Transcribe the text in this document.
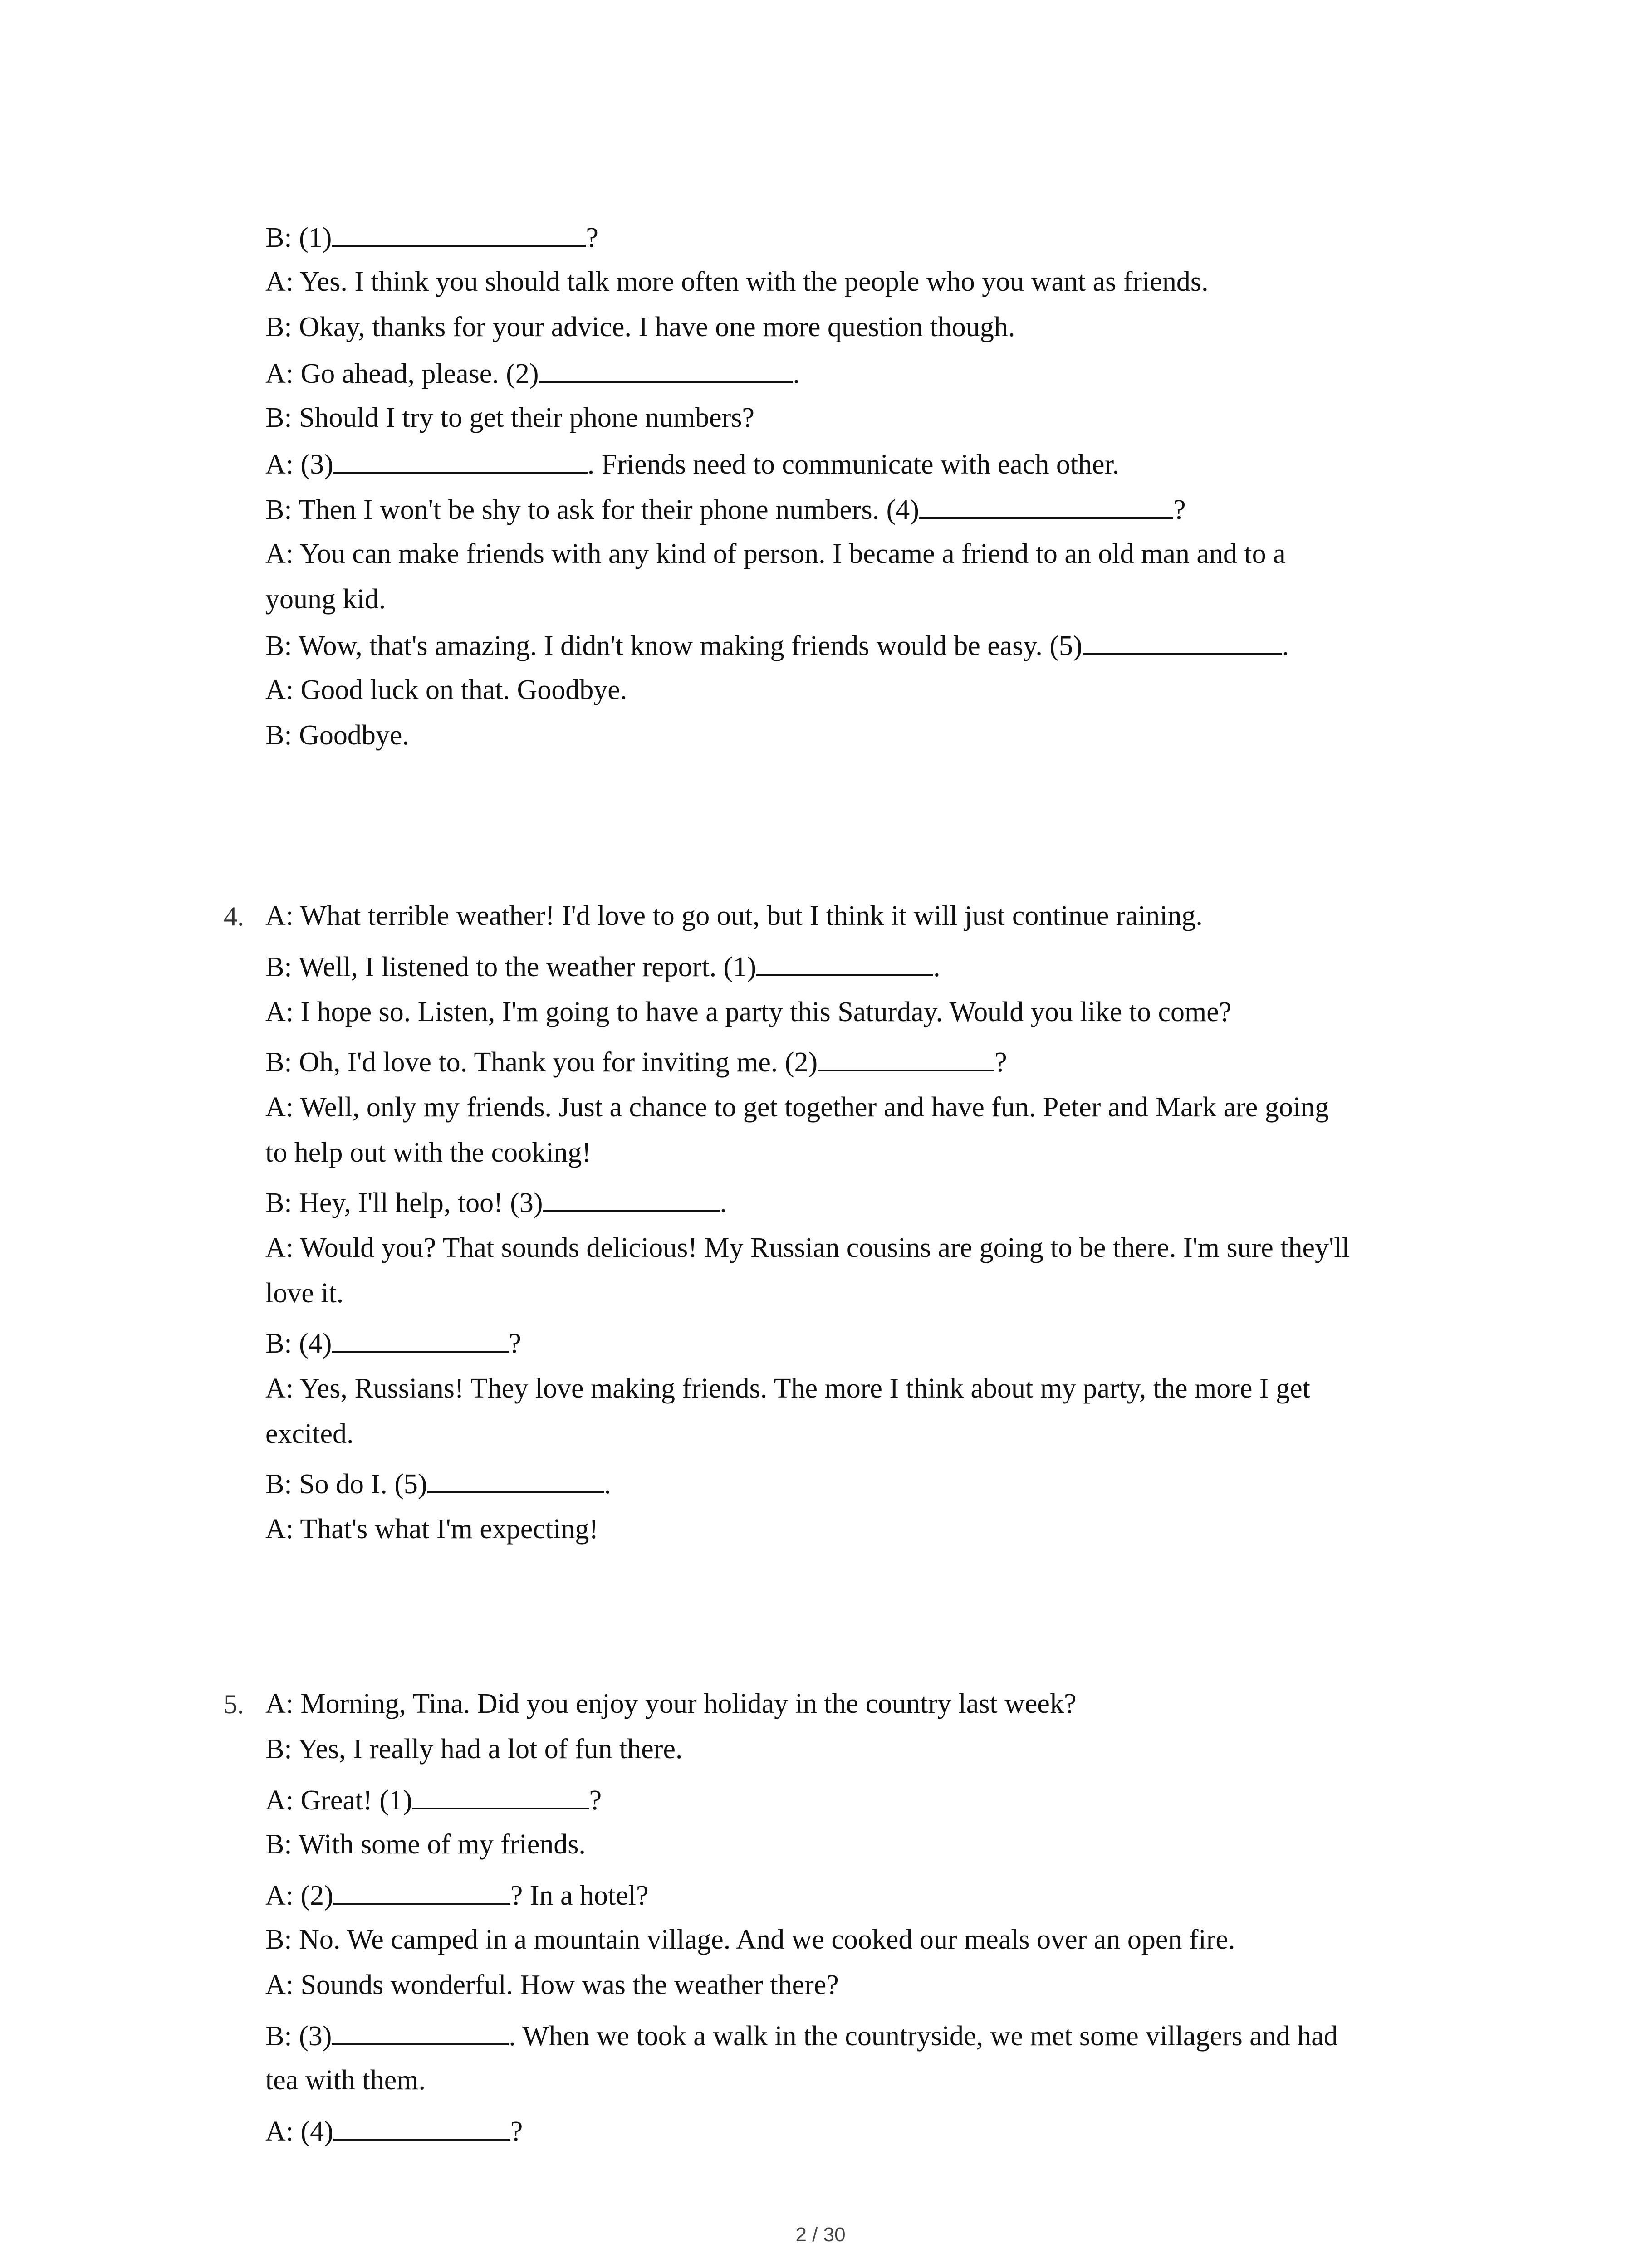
B: (1)	?
A: Yes. I think you should talk more often with the people who you want as friends.
B: Okay, thanks for your advice. I have one more question though.
A: Go ahead, please. (2)	.
B: Should I try to get their phone numbers?
A: (3)	. Friends need to communicate with each other.
B: Then I won't be shy to ask for their phone numbers. (4)	?
A: You can make friends with any kind of person. I became a friend to an old man and to a
young kid.
B: Wow, that's amazing. I didn't know making friends would be easy. (5)	.
A: Good luck on that. Goodbye.
B: Goodbye.
4. A: What terrible weather! I'd love to go out, but I think it will just continue raining.
B: Well, I listened to the weather report. (1)	.
A: I hope so. Listen, I'm going to have a party this Saturday. Would you like to come?
B: Oh, I'd love to. Thank you for inviting me. (2)	?
A: Well, only my friends. Just a chance to get together and have fun. Peter and Mark are going
to help out with the cooking!
B: Hey, I'll help, too! (3)	.
A: Would you? That sounds delicious! My Russian cousins are going to be there. I'm sure they'll
love it.
B: (4)	?
A: Yes, Russians! They love making friends. The more I think about my party, the more I get
excited.
B: So do I. (5)	.
A: That's what I'm expecting!
5. A: Morning, Tina. Did you enjoy your holiday in the country last week?
B: Yes, I really had a lot of fun there.
A: Great! (1)	?
B: With some of my friends.
A: (2)	? In a hotel?
B: No. We camped in a mountain village. And we cooked our meals over an open fire.
A: Sounds wonderful. How was the weather there?
B: (3)	. When we took a walk in the countryside, we met some villagers and had
tea with them.
A: (4)	?
2 / 30
